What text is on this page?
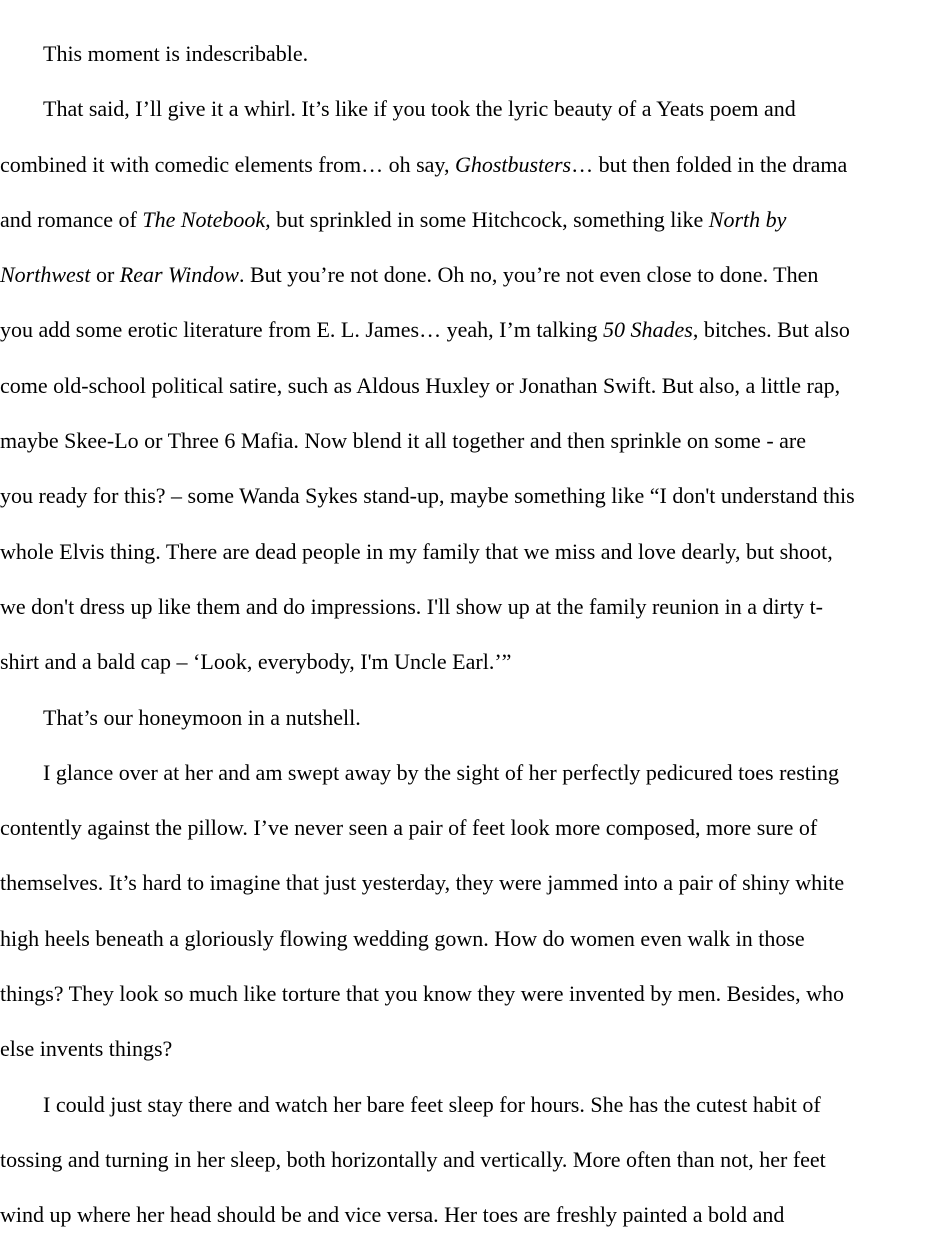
This moment is indescribable.
That said, I’ll give it a whirl. It’s like if you took the lyric beauty of a Yeats poem and
combined it with comedic elements from… oh say, Ghostbusters… but then folded in the drama
and romance of The Notebook, but sprinkled in some Hitchcock, something like North by
Northwest or Rear Window. But you’re not done. Oh no, you’re not even close to done. Then
you add some erotic literature from E. L. James… yeah, I’m talking 50 Shades, bitches. But also
come old-school political satire, such as Aldous Huxley or Jonathan Swift. But also, a little rap,
maybe Skee-Lo or Three 6 Mafia. Now blend it all together and then sprinkle on some - are
you ready for this? – some Wanda Sykes stand-up, maybe something like “I don't understand this
whole Elvis thing. There are dead people in my family that we miss and love dearly, but shoot,
we don't dress up like them and do impressions. I'll show up at the family reunion in a dirty t-
shirt and a bald cap – ‘Look, everybody, I'm Uncle Earl.’”
That’s our honeymoon in a nutshell.
I glance over at her and am swept away by the sight of her perfectly pedicured toes resting
contently against the pillow. I’ve never seen a pair of feet look more composed, more sure of
themselves. It’s hard to imagine that just yesterday, they were jammed into a pair of shiny white
high heels beneath a gloriously flowing wedding gown. How do women even walk in those
things? They look so much like torture that you know they were invented by men. Besides, who
else invents things?
I could just stay there and watch her bare feet sleep for hours. She has the cutest habit of
tossing and turning in her sleep, both horizontally and vertically. More often than not, her feet
wind up where her head should be and vice versa. Her toes are freshly painted a bold and
